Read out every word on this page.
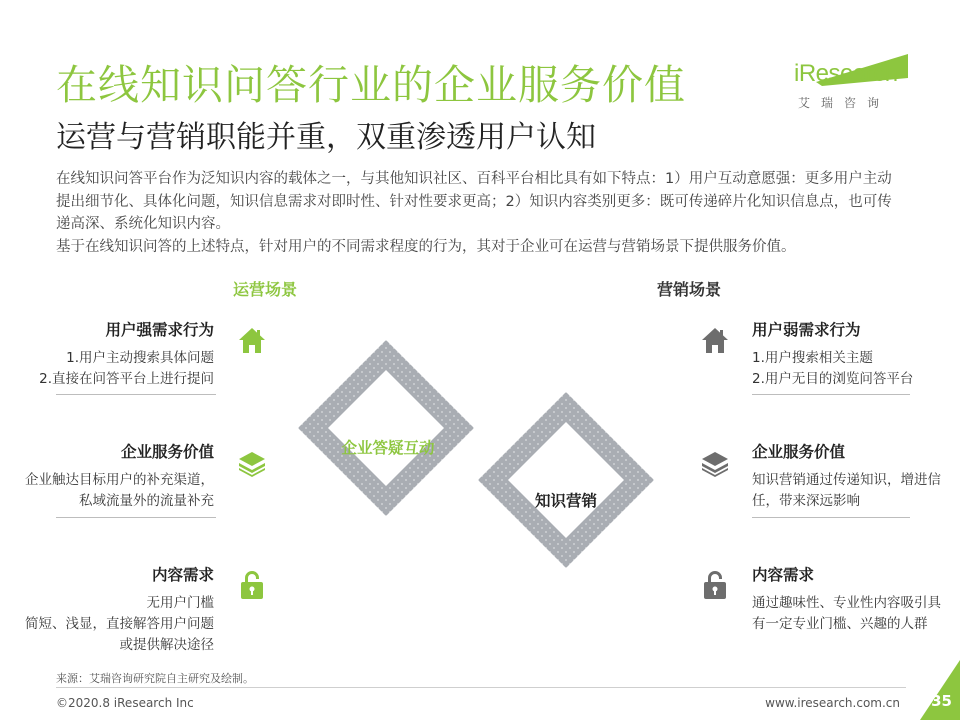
在线知识问答行业的企业服务价值
运营与营销职能并重，双重渗透用户认知
iResearch
艾瑞咨询

在线知识问答平台作为泛知识内容的载体之一，与其他知识社区、百科平台相比具有如下特点：1）用户互动意愿强：更多用户主动提出细节化、具体化问题，知识信息需求对即时性、针对性要求更高；2）知识内容类别更多：既可传递碎片化知识信息点，也可传递高深、系统化知识内容。

基于在线知识问答的上述特点，针对用户的不同需求程度的行为，其对于企业可在运营与营销场景下提供服务价值。

运营场景	营销场景
企业答疑互动
知识营销
用户强需求行为
1.用户主动搜索具体问题
2.直接在问答平台上进行提问
企业服务价值
企业触达目标用户的补充渠道，
私域流量外的流量补充
内容需求
无用户门槛
简短、浅显，直接解答用户问题
或提供解决途径
用户弱需求行为
1.用户搜索相关主题
2.用户无目的浏览问答平台
企业服务价值
知识营销通过传递知识，增进信
任，带来深远影响
内容需求
通过趣味性、专业性内容吸引具
有一定专业门槛、兴趣的人群
来源：艾瑞咨询研究院自主研究及绘制。
©2020.8 iResearch Inc	www.iresearch.com.cn 35
